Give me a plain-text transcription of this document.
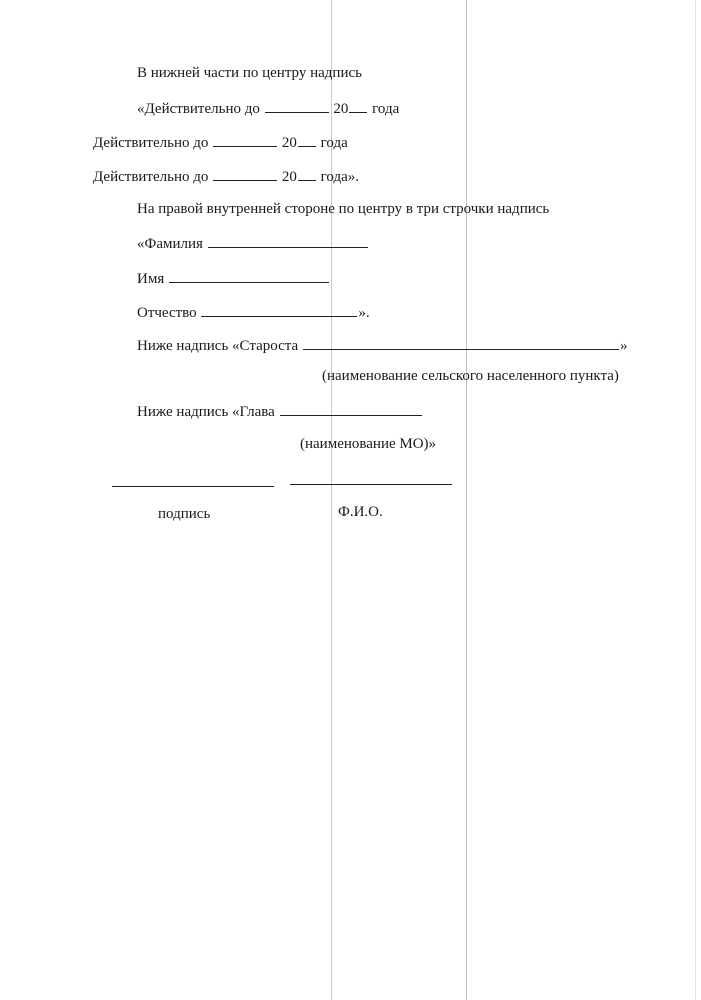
В нижней части по центру надпись
«Действительно до	20 года
Действительно до	20 года
Действительно до	20 года».
На правой внутренней стороне по центру в три строчки надпись
«Фамилия
Имя
Отчество	».
Ниже надпись «Староста	»
(наименование сельского населенного пункта)
Ниже надпись «Глава
(наименование МО)»
подпись	Ф.И.О.
